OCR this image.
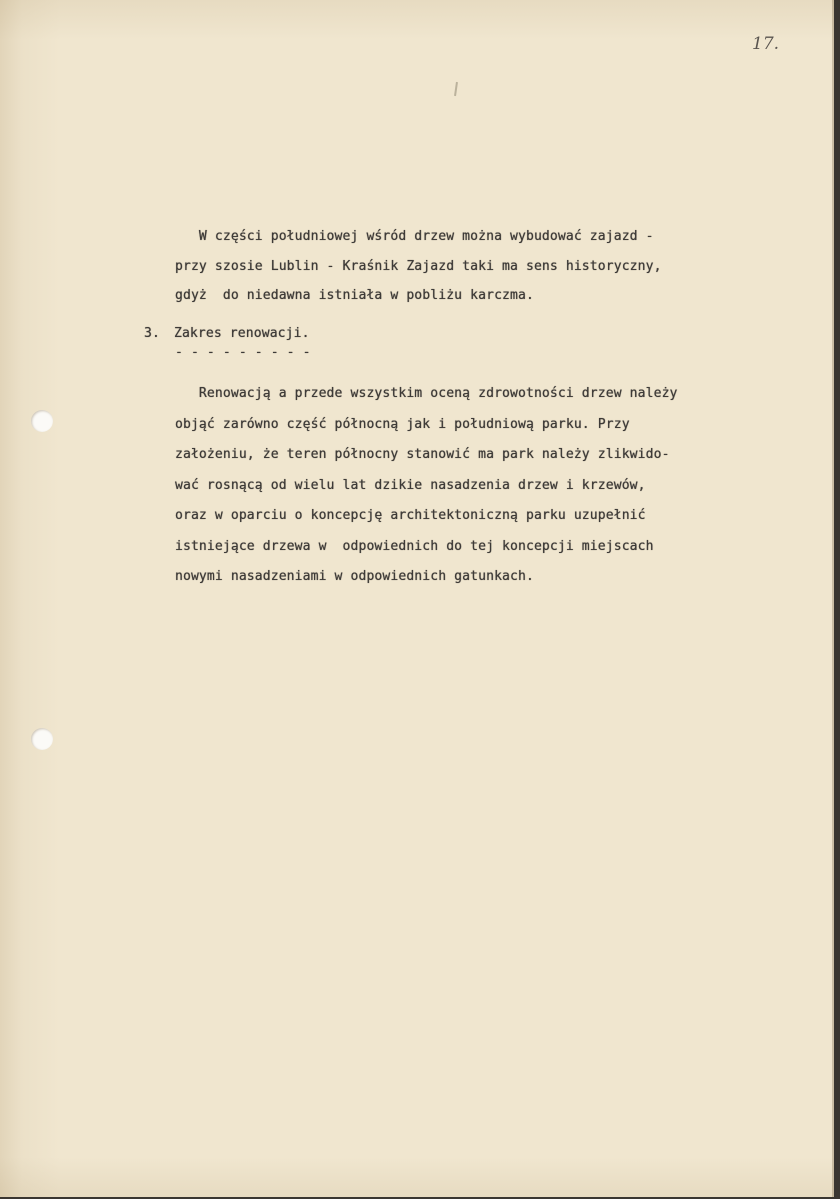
17.

W części południowej wśród drzew można wybudować zajazd -

przy szosie Lublin - Kraśnik Zajazd taki ma sens historyczny,

gdyż  do niedawna istniała w pobliżu karczma.

3. Zakres renowacji.

- - - - - - - - -

Renowacją a przede wszystkim oceną zdrowotności drzew należy

objąć zarówno część północną jak i południową parku. Przy

założeniu, że teren północny stanowić ma park należy zlikwido-

wać rosnącą od wielu lat dzikie nasadzenia drzew i krzewów,

oraz w oparciu o koncepcję architektoniczną parku uzupełnić

istniejące drzewa w  odpowiednich do tej koncepcji miejscach

nowymi nasadzeniami w odpowiednich gatunkach.
